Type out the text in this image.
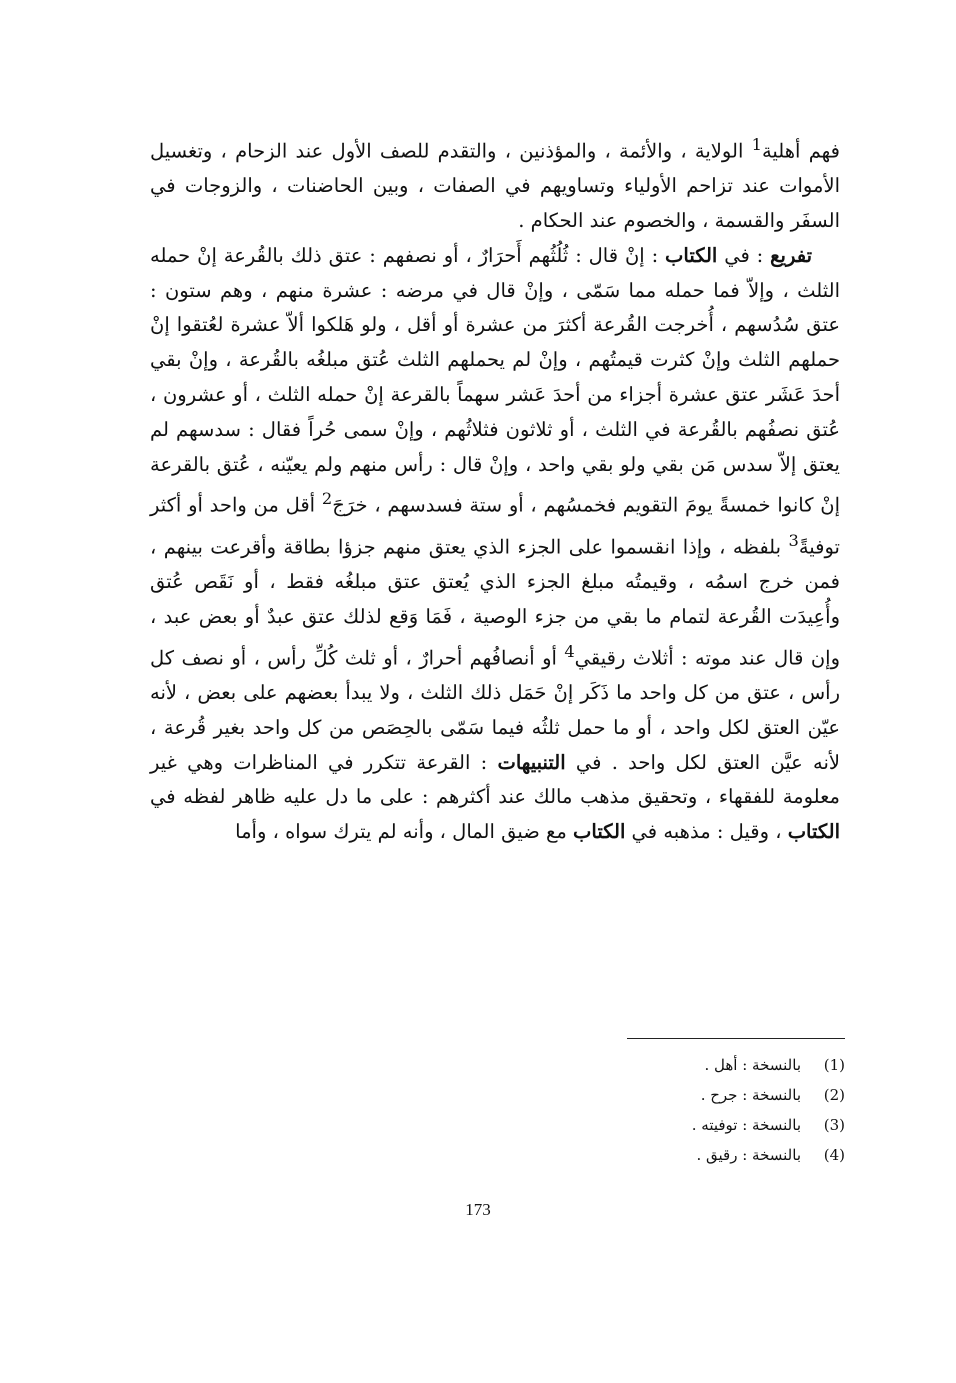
فهم أهلية$^1$ الولاية ، والأئمة ، والمؤذنين ، والتقدم للصف الأول عند الزحام ، وتغسيل الأموات عند تزاحم الأولياء وتساويهم في الصفات ، وبين الحاضنات ، والزوجات في السفَر والقسمة ، والخصوم عند الحكام .

تفريع : في الكتاب : إنْ قال : ثُلُثُهم أَحرَارٌ ، أو نصفهم : عتق ذلك بالقُرعة إنْ حمله الثلث ، وإلاّ فما حمله مما سَمّى ، وإنْ قال في مرضه : عشرة منهم ، وهم ستون : عتق سُدُسهم ، أُخرجت القُرعة أكثرَ من عشرة أو أقل ، ولو هَلكوا ألاّ عشرة لعُتقوا إنْ حملهم الثلث وإنْ كثرت قيمتُهم ، وإنْ لم يحملهم الثلث عُتق مبلغُه بالقُرعة ، وإنْ بقي أحدَ عَشَر عتق عشرة أجزاء من أحدَ عَشر سهماً بالقرعة إنْ حمله الثلث ، أو عشرون ، عُتق نصفُهم بالقُرعة في الثلث ، أو ثلاثون فثلاثُهم ، وإنْ سمى حُراً فقال : سدسهم لم يعتق إلاّ سدس مَن بقي ولو بقي واحد ، وإنْ قال : رأس منهم ولم يعيّنه ، عُتق بالقرعة إنْ كانوا خمسةً يومَ التقويم فخمسُهم ، أو ستة فسدسهم ، خرَجَ$^2$ أقل من واحد أو أكثر توفيةً$^3$ بلفظه ، وإذا انقسموا على الجزء الذي يعتق منهم جزؤا بطاقة وأقرعت بينهم ، فمن خرج اسمُه ، وقيمتُه مبلغ الجزء الذي يُعتق عتق مبلغُه فقط ، أو نَقَص عُتق وأُعِيدَت القُرعة لتمام ما بقي من جزء الوصية ، فَمَا وَقع لذلك عتق عبدٌ أو بعض عبد ، وإن قال عند موته : أثلاث رقيقي$^4$ أو أنصافُهم أحرارٌ ، أو ثلث كُلِّ رأس ، أو نصف كل رأس ، عتق من كل واحد ما ذَكَر إنْ حَمَل ذلك الثلث ، ولا يبدأ بعضهم على بعض ، لأنه عيّن العتق لكل واحد ، أو ما حمل ثلثُه فيما سَمّى بالحِصَص من كل واحد بغير قُرعة ، لأنه عيَّن العتق لكل واحد . في التنبيهات : القرعة تتكرر في المناظرات وهي غير معلومة للفقهاء ، وتحقيق مذهب مالك عند أكثرهم : على ما دل عليه ظاهر لفظه في الكتاب ، وقيل : مذهبه في الكتاب مع ضيق المال ، وأنه لم يترك سواه ، وأما

(1)بالنسخة : أهل .
(2)بالنسخة : جرح .
(3)بالنسخة : توفيته .
(4)بالنسخة : رقيق .
173
